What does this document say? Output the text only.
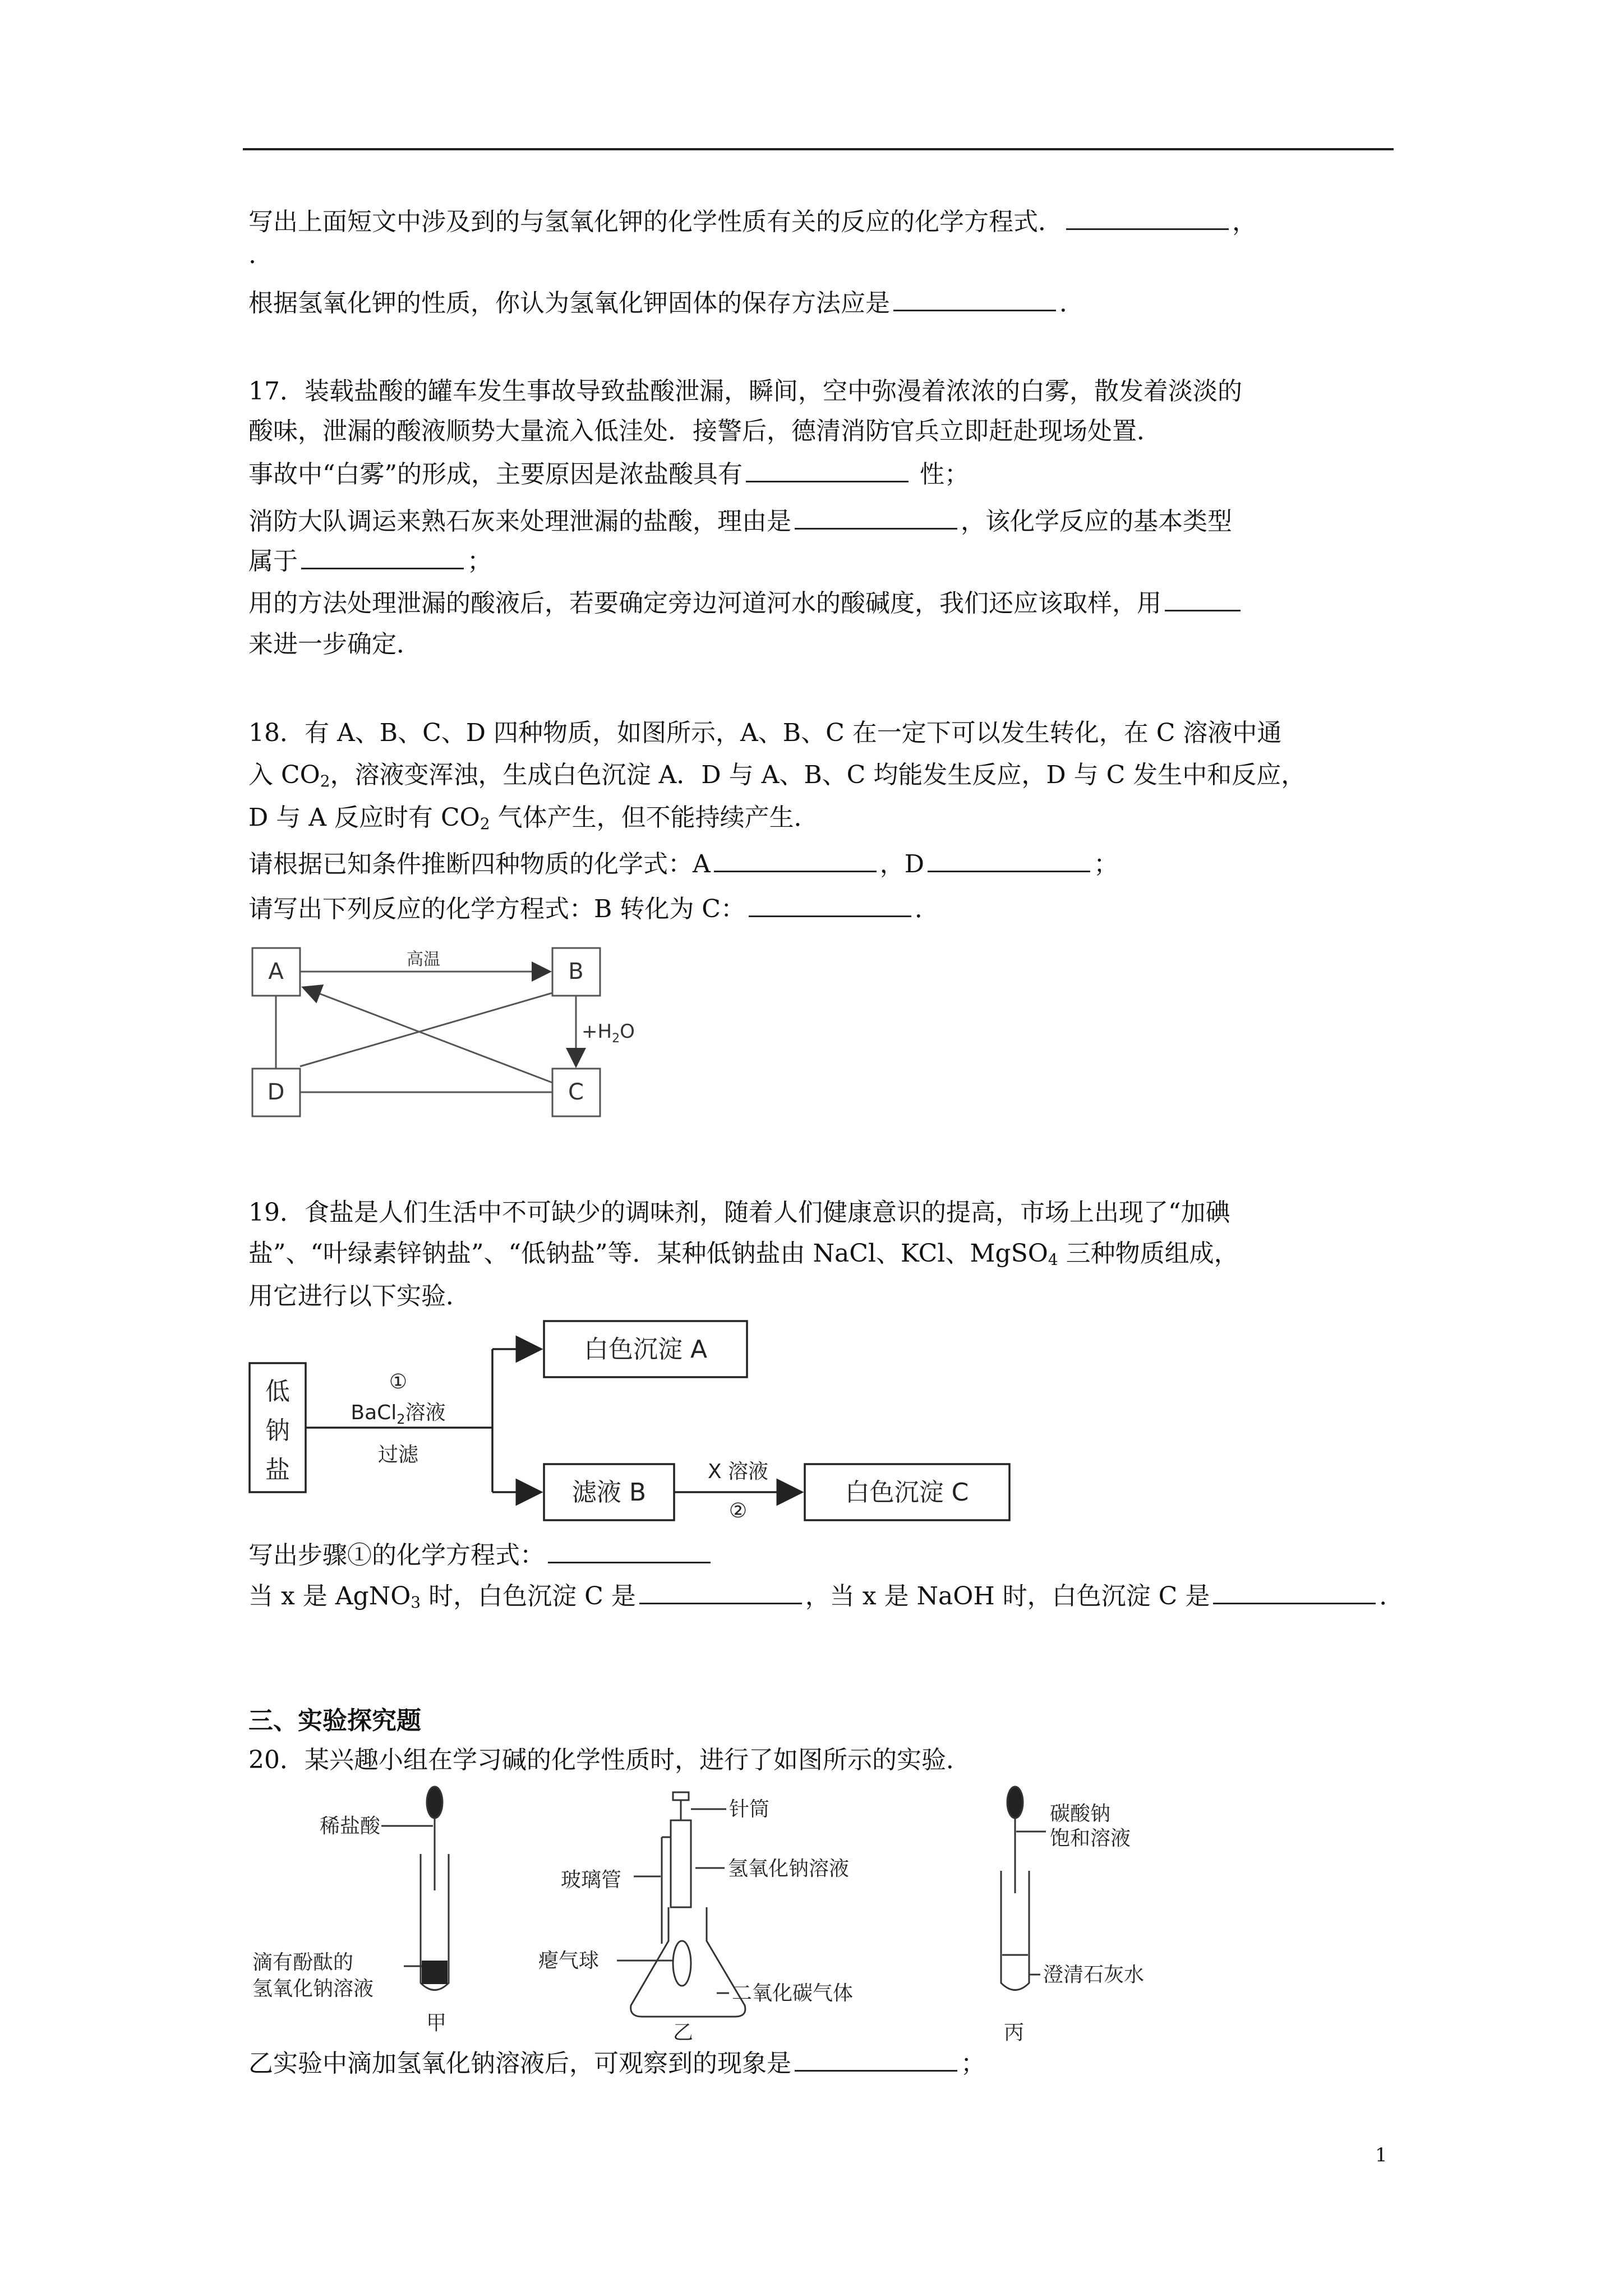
写出上面短文中涉及到的与氢氧化钾的化学性质有关的反应的化学方程式．	，
.
根据氢氧化钾的性质，你认为氢氧化钾固体的保存方法应是	．
17．装载盐酸的罐车发生事故导致盐酸泄漏，瞬间，空中弥漫着浓浓的白雾，散发着淡淡的
酸味，泄漏的酸液顺势大量流入低洼处．接警后，德清消防官兵立即赶赴现场处置．
事故中“白雾”的形成，主要原因是浓盐酸具有	性；
消防大队调运来熟石灰来处理泄漏的盐酸，理由是	，该化学反应的基本类型
属于	；
用的方法处理泄漏的酸液后，若要确定旁边河道河水的酸碱度，我们还应该取样，用
来进一步确定．
18．有 A、B、C、D 四种物质，如图所示，A、B、C 在一定下可以发生转化，在 C 溶液中通
入 $CO_2$，溶液变浑浊，生成白色沉淀 A．D 与 A、B、C 均能发生反应，D 与 C 发生中和反应，
D 与 A 反应时有 $CO_2$ 气体产生，但不能持续产生．
请根据已知条件推断四种物质的化学式：A	，D	；
请写出下列反应的化学方程式：B 转化为 C：	．
A	B
D	C
高温
$+H_2O$
19．食盐是人们生活中不可缺少的调味剂，随着人们健康意识的提高，市场上出现了“加碘
盐”、“叶绿素锌钠盐”、“低钠盐”等．某种低钠盐由 NaCl、KCl、MgSO$_4$ 三种物质组成，
用它进行以下实验．
低
钠
盐
白色沉淀 A
滤液 B	白色沉淀 C
①
BaCl$_2$溶液
过滤
X 溶液
②
写出步骤①的化学方程式：
当 x 是 AgNO$_3$ 时，白色沉淀 C 是	，当 x 是 NaOH 时，白色沉淀 C 是	．
三、实验探究题
20．某兴趣小组在学习碱的化学性质时，进行了如图所示的实验．
稀盐酸
滴有酚酞的
氢氧化钠溶液
甲
针筒
玻璃管	氢氧化钠溶液
瘪气球
二氧化碳气体
乙
碳酸钠
饱和溶液
澄清石灰水
丙
乙实验中滴加氢氧化钠溶液后，可观察到的现象是	；
1
